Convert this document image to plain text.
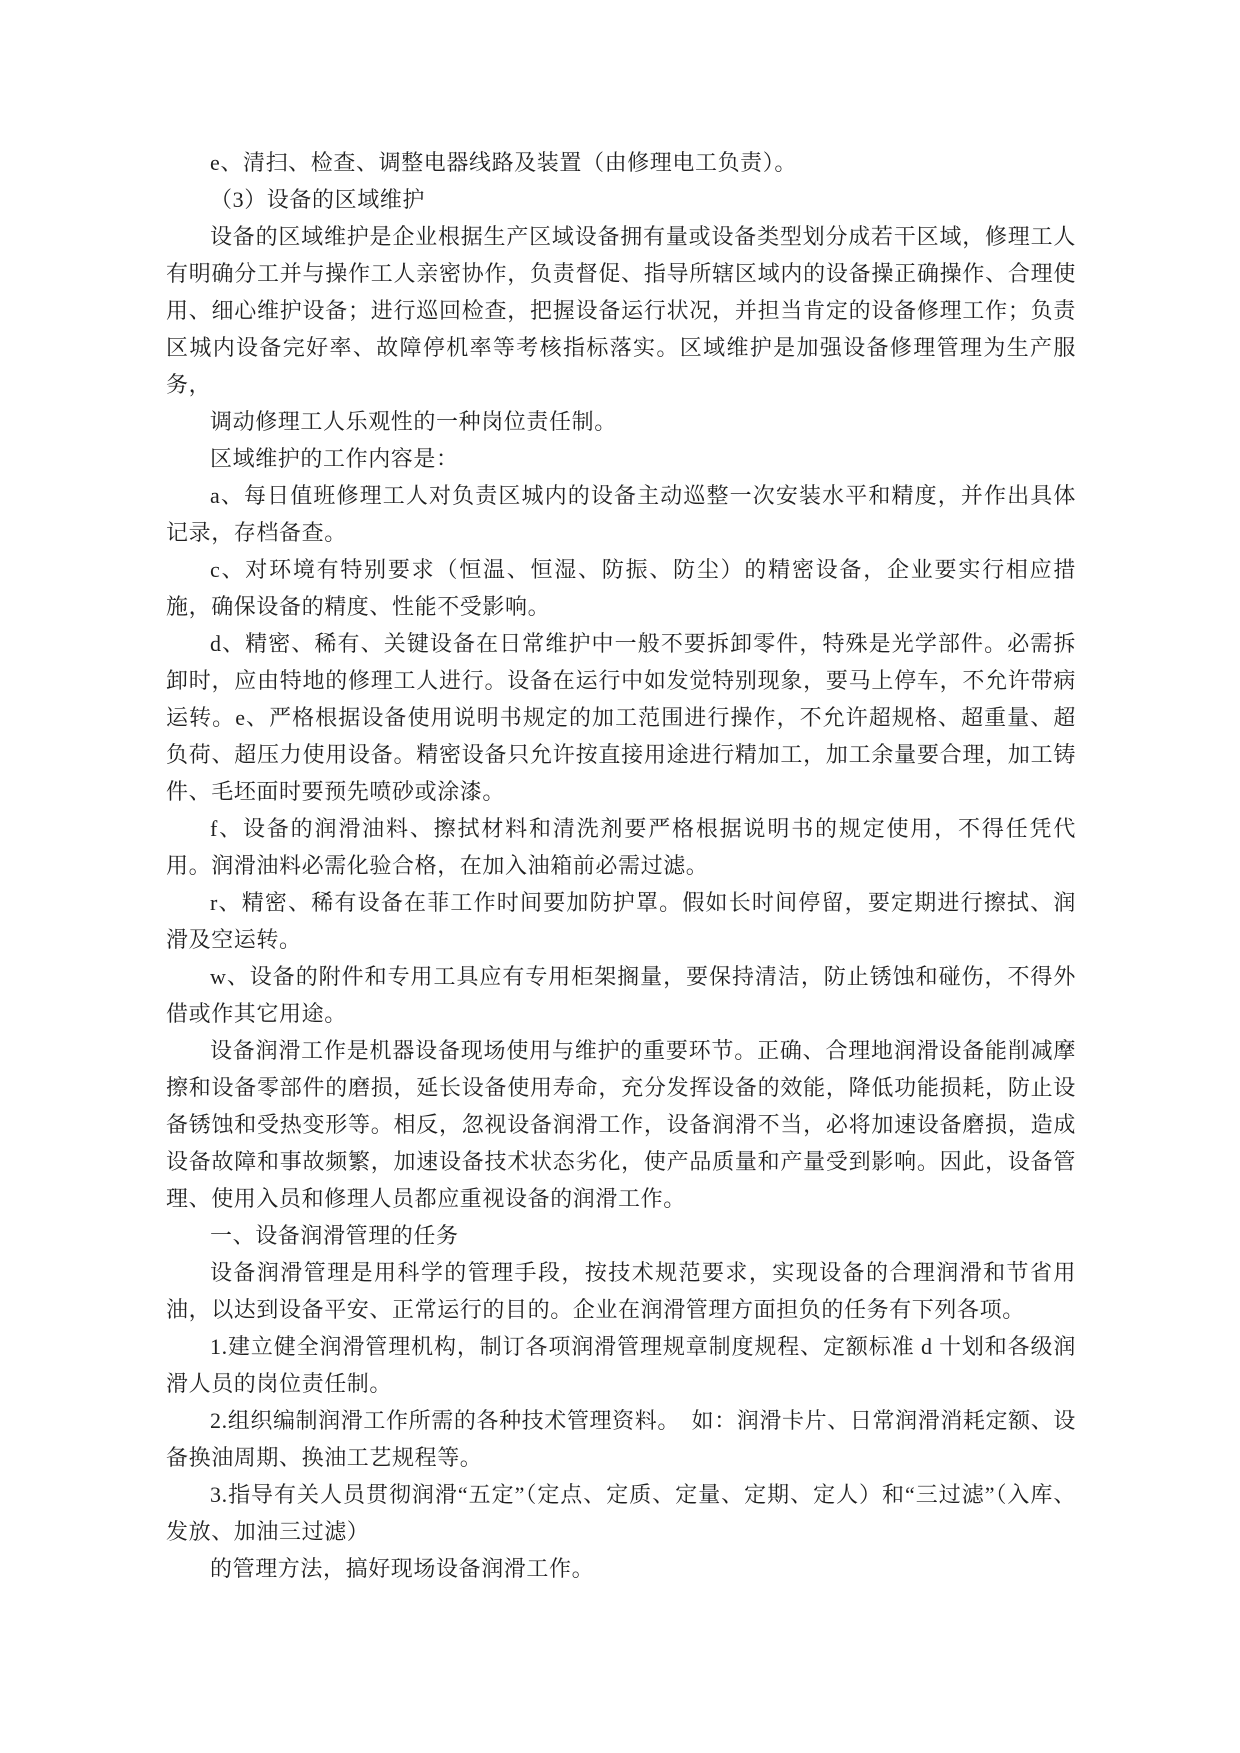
e、清扫、检查、调整电器线路及装置（由修理电工负责）。

（3）设备的区域维护

设备的区域维护是企业根据生产区域设备拥有量或设备类型划分成若干区域，修理工人有明确分工并与操作工人亲密协作，负责督促、指导所辖区域内的设备操正确操作、合理使用、细心维护设备；进行巡回检查，把握设备运行状况，并担当肯定的设备修理工作；负责区城内设备完好率、故障停机率等考核指标落实。区域维护是加强设备修理管理为生产服务，

调动修理工人乐观性的一种岗位责任制。

区域维护的工作内容是：

a、每日值班修理工人对负责区城内的设备主动巡整一次安装水平和精度，并作出具体记录，存档备查。

c、对环境有特别要求（恒温、恒湿、防振、防尘）的精密设备，企业要实行相应措施，确保设备的精度、性能不受影响。

d、精密、稀有、关键设备在日常维护中一般不要拆卸零件，特殊是光学部件。必需拆卸时，应由特地的修理工人进行。设备在运行中如发觉特别现象，要马上停车，不允许带病运转。e、严格根据设备使用说明书规定的加工范围进行操作，不允许超规格、超重量、超负荷、超压力使用设备。精密设备只允许按直接用途进行精加工，加工余量要合理，加工铸件、毛坯面时要预先喷砂或涂漆。

f、设备的润滑油料、擦拭材料和清洗剂要严格根据说明书的规定使用，不得任凭代用。润滑油料必需化验合格，在加入油箱前必需过滤。

r、精密、稀有设备在菲工作时间要加防护罩。假如长时间停留，要定期进行擦拭、润滑及空运转。

w、设备的附件和专用工具应有专用柜架搁量，要保持清洁，防止锈蚀和碰伤，不得外借或作其它用途。

设备润滑工作是机器设备现场使用与维护的重要环节。正确、合理地润滑设备能削减摩擦和设备零部件的磨损，延长设备使用寿命，充分发挥设备的效能，降低功能损耗，防止设备锈蚀和受热变形等。相反，忽视设备润滑工作，设备润滑不当，必将加速设备磨损，造成设备故障和事故频繁，加速设备技术状态劣化，使产品质量和产量受到影响。因此，设备管理、使用入员和修理人员都应重视设备的润滑工作。

一、设备润滑管理的任务

设备润滑管理是用科学的管理手段，按技术规范要求，实现设备的合理润滑和节省用油，以达到设备平安、正常运行的目的。企业在润滑管理方面担负的任务有下列各项。

1.建立健全润滑管理机构，制订各项润滑管理规章制度规程、定额标准 d 十划和各级润滑人员的岗位责任制。

2.组织编制润滑工作所需的各种技术管理资料。　如：润滑卡片、日常润滑消耗定额、设备换油周期、换油工艺规程等。

3.指导有关人员贯彻润滑“五定”（定点、定质、定量、定期、定人）和“三过滤”（入库、发放、加油三过滤）

的管理方法，搞好现场设备润滑工作。
